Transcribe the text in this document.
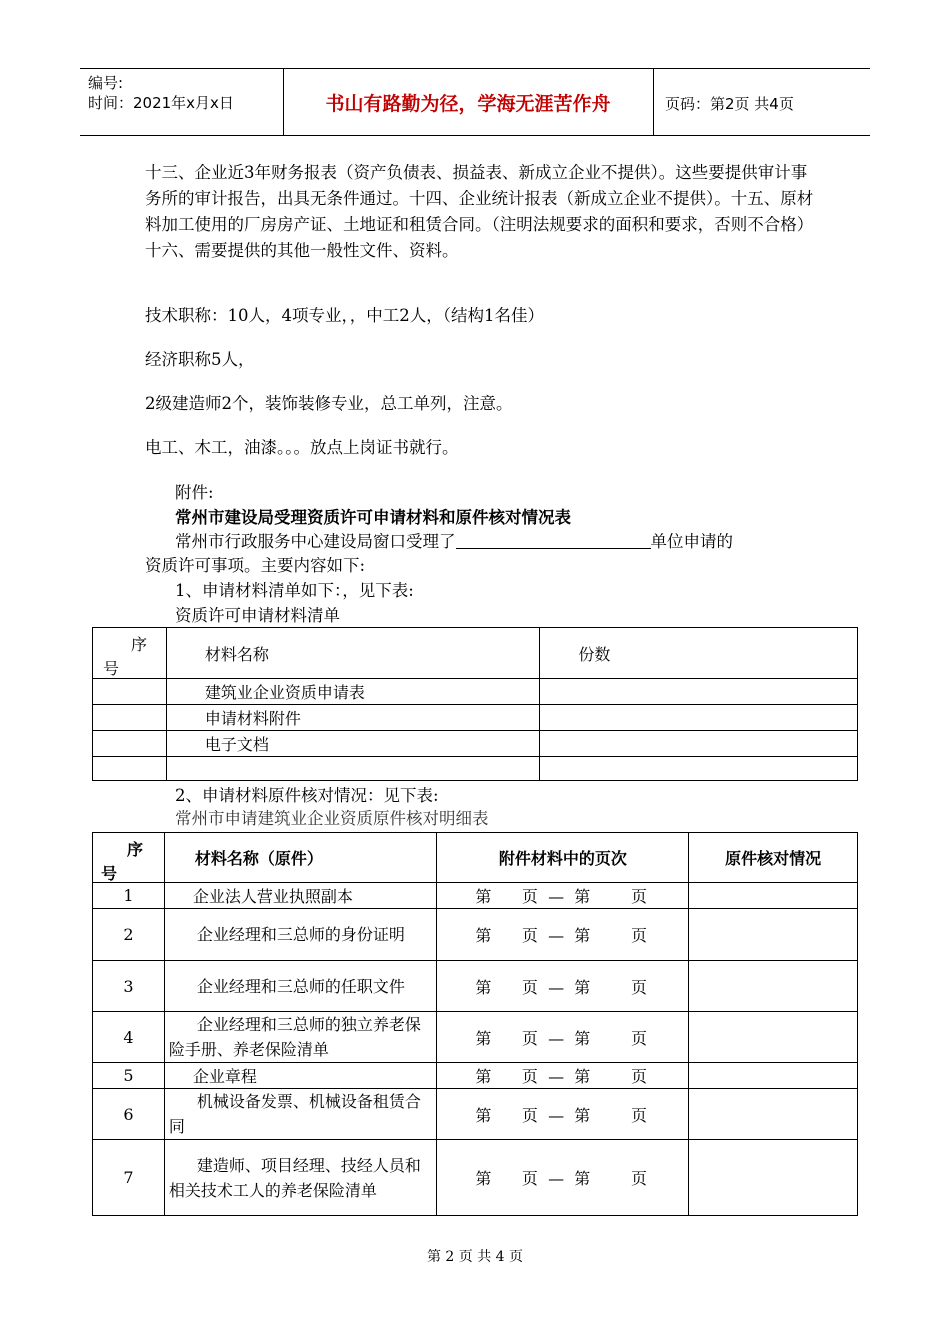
编号:
时间：2021年x月x日	书山有路勤为径，学海无涯苦作舟	页码：第2页 共4页
十三、企业近3年财务报表（资产负债表、损益表、新成立企业不提供）。这些要提供审计事务所的审计报告，出具无条件通过。十四、企业统计报表（新成立企业不提供）。十五、原材料加工使用的厂房房产证、土地证和租赁合同。（注明法规要求的面积和要求，否则不合格）十六、需要提供的其他一般性文件、资料。
技术职称：10人，4项专业，，中工2人，（结构1名佳）
经济职称5人，
2级建造师2个，装饰装修专业，总工单列，注意。
电工、木工，油漆。。。放点上岗证书就行。
附件:
常州市建设局受理资质许可申请材料和原件核对情况表
常州市行政服务中心建设局窗口受理了	单位申请的
资质许可事项。主要内容如下:
1、申请材料清单如下：，见下表:
资质许可申请材料清单
序
号	材料名称	份数
	建筑业企业资质申请表	
	申请材料附件	
	电子文档	

2、申请材料原件核对情况：见下表:
常州市申请建筑业企业资质原件核对明细表
序
号	材料名称（原件）	附件材料中的页次	原件核对情况
1	企业法人营业执照副本	第      页  —  第        页	
2	企业经理和三总师的身份证明	第      页  —  第        页	
3	企业经理和三总师的任职文件	第      页  —  第        页	
4	企业经理和三总师的独立养老保险手册、养老保险清单	第      页  —  第        页	
5	企业章程	第      页  —  第        页	
6	机械设备发票、机械设备租赁合同	第      页  —  第        页	
7	建造师、项目经理、技经人员和相关技术工人的养老保险清单	第      页  —  第        页	
第 2 页 共 4 页
